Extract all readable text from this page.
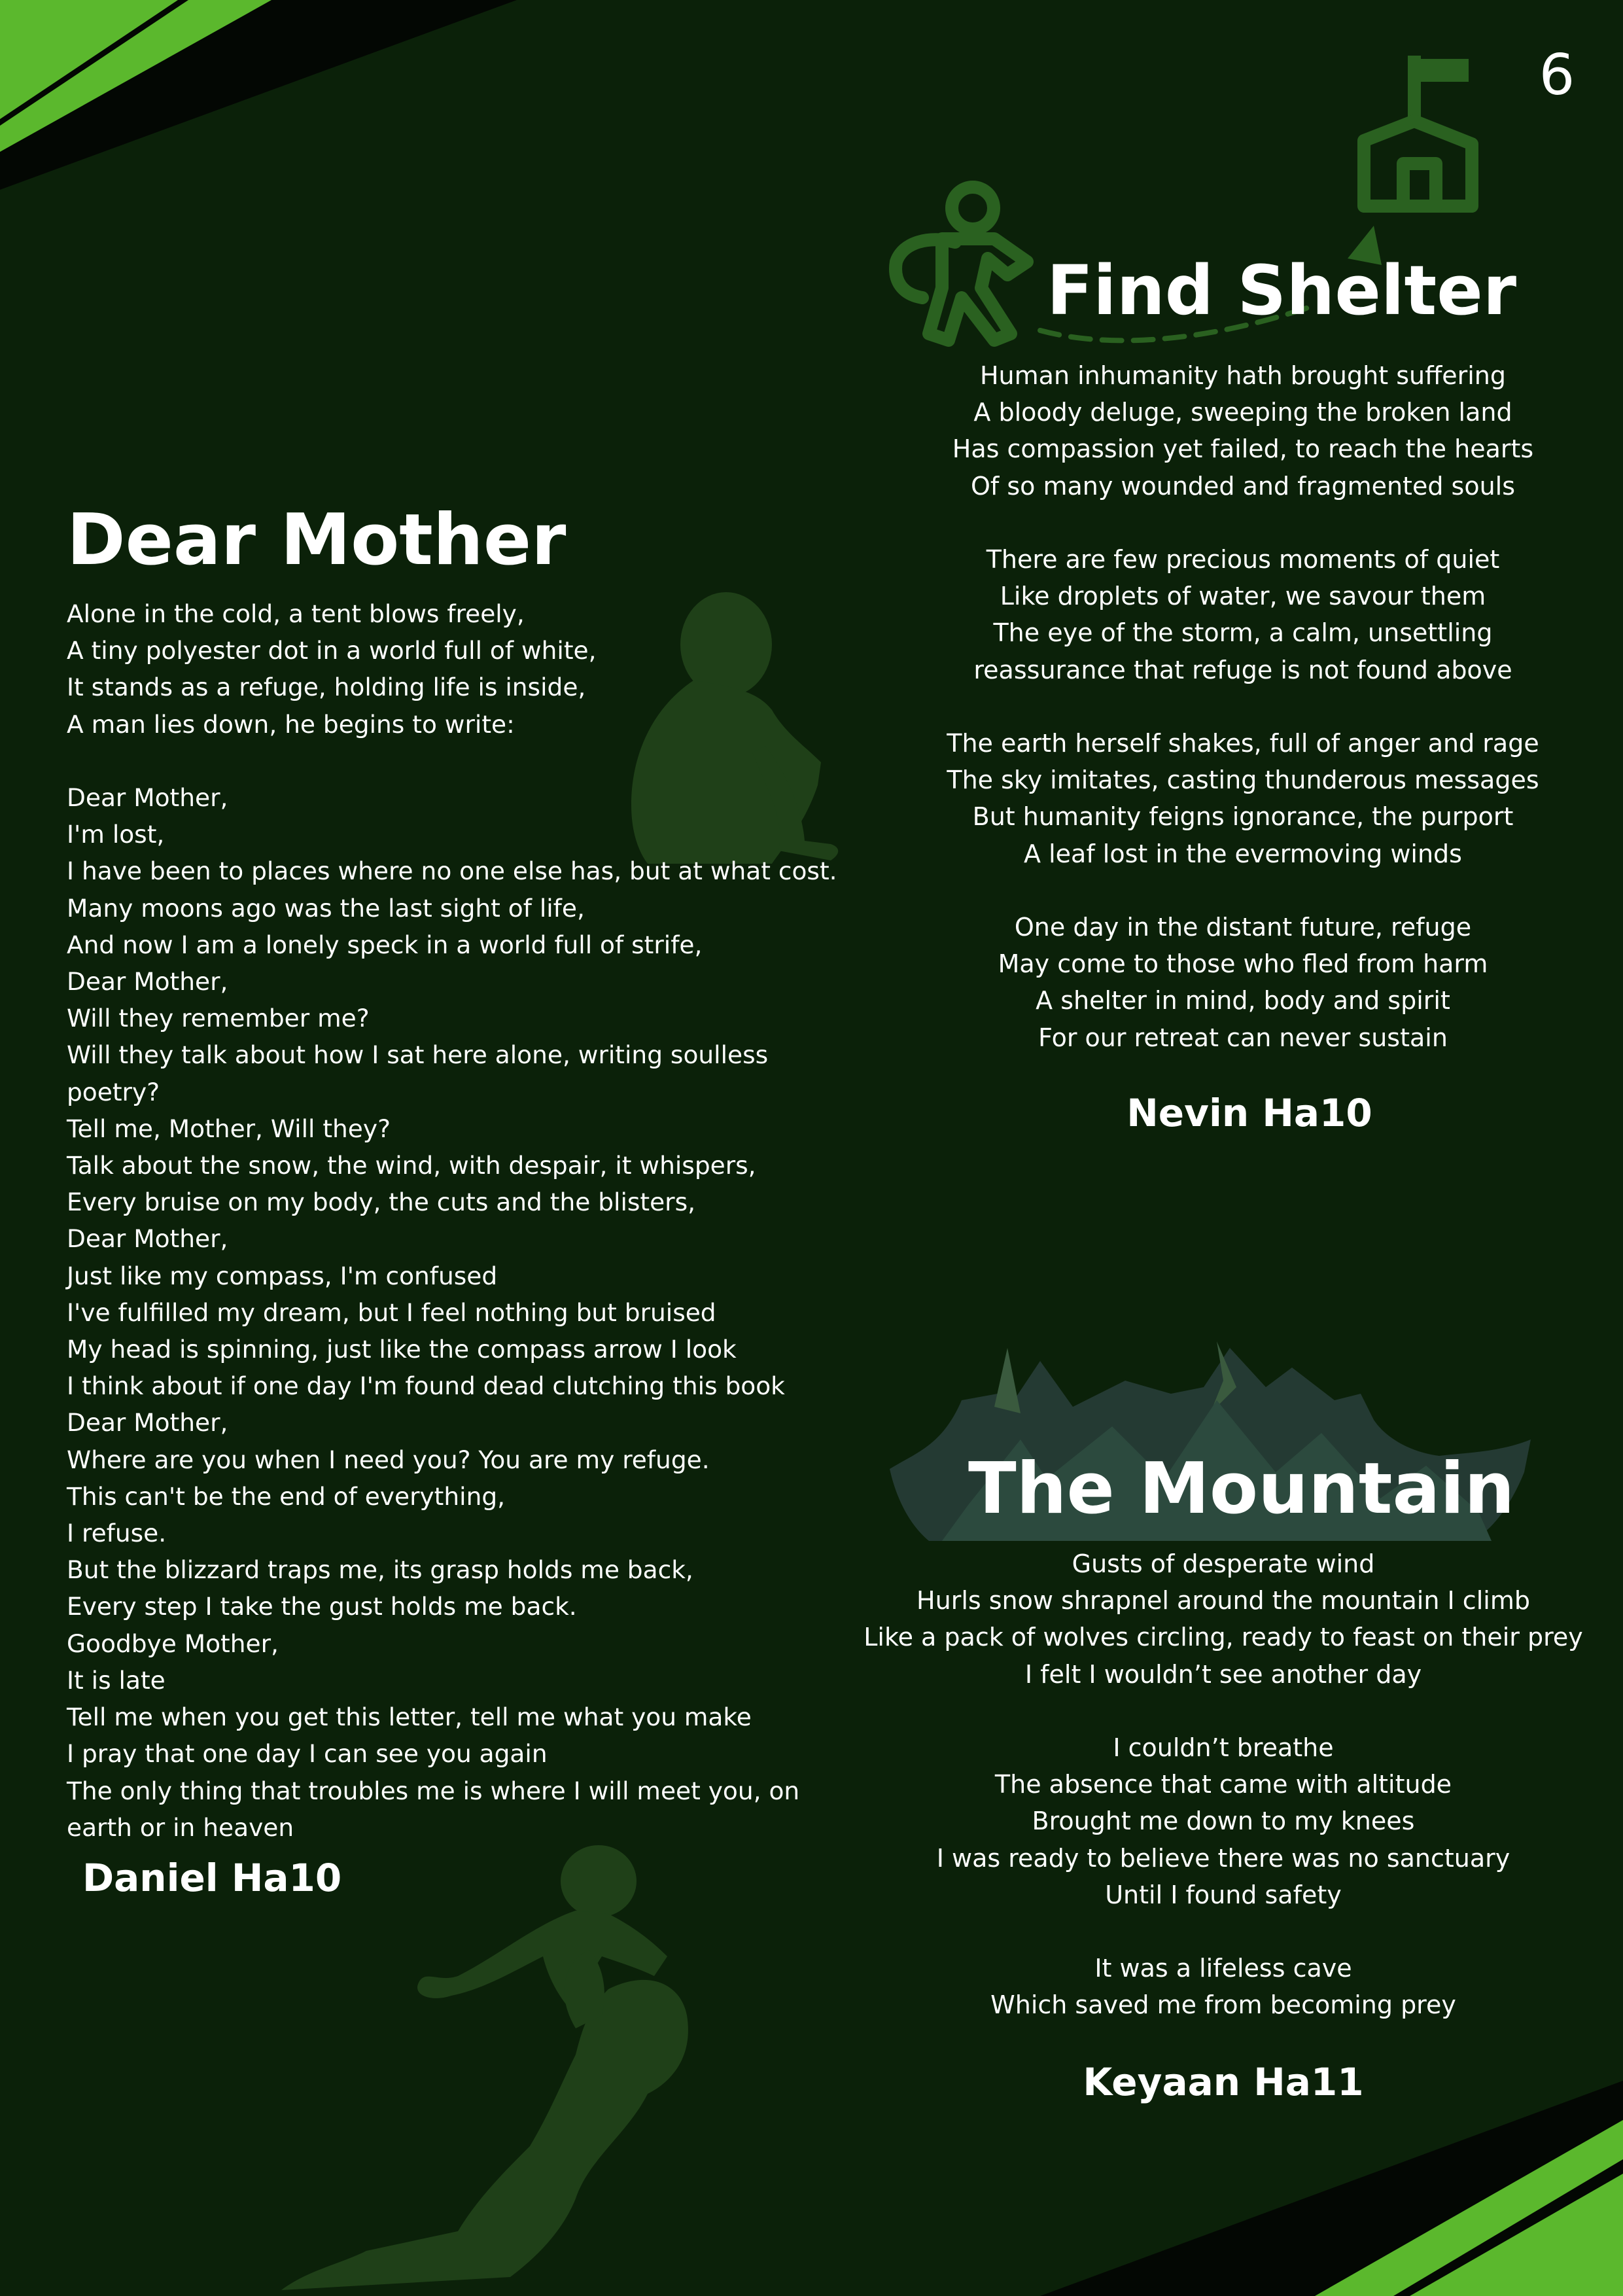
6
Dear Mother
Alone in the cold, a tent blows freely,
A tiny polyester dot in a world full of white,
It stands as a refuge, holding life is inside,
A man lies down, he begins to write:

Dear Mother,
I'm lost,
I have been to places where no one else has, but at what cost.
Many moons ago was the last sight of life,
And now I am a lonely speck in a world full of strife,
Dear Mother,
Will they remember me?
Will they talk about how I sat here alone, writing soulless
poetry?
Tell me, Mother, Will they?
Talk about the snow, the wind, with despair, it whispers,
Every bruise on my body, the cuts and the blisters,
Dear Mother,
Just like my compass, I'm confused
I've fulfilled my dream, but I feel nothing but bruised
My head is spinning, just like the compass arrow I look
I think about if one day I'm found dead clutching this book
Dear Mother,
Where are you when I need you? You are my refuge.
This can't be the end of everything,
I refuse.
But the blizzard traps me, its grasp holds me back,
Every step I take the gust holds me back.
Goodbye Mother,
It is late
Tell me when you get this letter, tell me what you make
I pray that one day I can see you again
The only thing that troubles me is where I will meet you, on
earth or in heaven
Daniel Ha10
Find Shelter
Human inhumanity hath brought suffering
A bloody deluge, sweeping the broken land
Has compassion yet failed, to reach the hearts
Of so many wounded and fragmented souls

There are few precious moments of quiet
Like droplets of water, we savour them
The eye of the storm, a calm, unsettling
reassurance that refuge is not found above

The earth herself shakes, full of anger and rage
The sky imitates, casting thunderous messages
But humanity feigns ignorance, the purport
A leaf lost in the evermoving winds

One day in the distant future, refuge
May come to those who fled from harm
A shelter in mind, body and spirit
For our retreat can never sustain
Nevin Ha10
The Mountain
Gusts of desperate wind
Hurls snow shrapnel around the mountain I climb
Like a pack of wolves circling, ready to feast on their prey
I felt I wouldn’t see another day

I couldn’t breathe
The absence that came with altitude
Brought me down to my knees
I was ready to believe there was no sanctuary
Until I found safety

It was a lifeless cave
Which saved me from becoming prey
Keyaan Ha11
